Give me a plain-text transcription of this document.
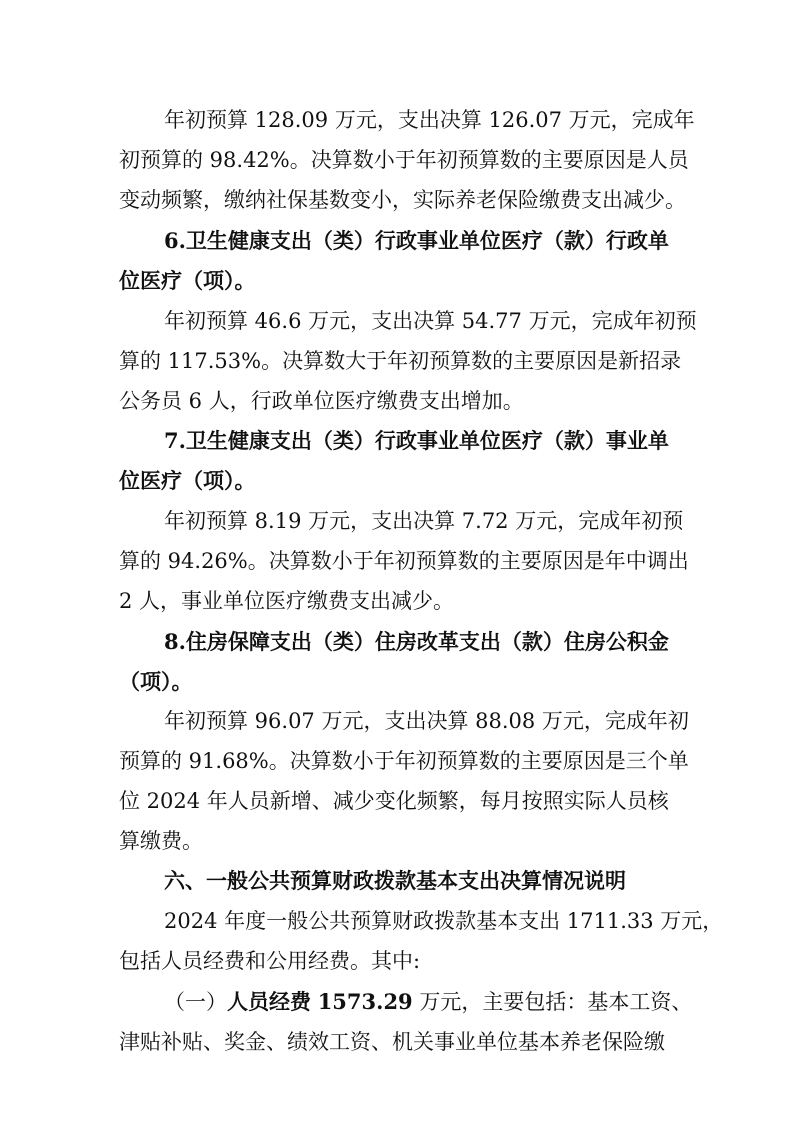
年初预算 128.09 万元，支出决算 126.07 万元，完成年
初预算的 98.42%。决算数小于年初预算数的主要原因是人员
变动频繁，缴纳社保基数变小，实际养老保险缴费支出减少。
6.卫生健康支出（类）行政事业单位医疗（款）行政单
位医疗（项）。
年初预算 46.6 万元，支出决算 54.77 万元，完成年初预
算的 117.53%。决算数大于年初预算数的主要原因是新招录
公务员 6 人，行政单位医疗缴费支出增加。
7.卫生健康支出（类）行政事业单位医疗（款）事业单
位医疗（项）。
年初预算 8.19 万元，支出决算 7.72 万元，完成年初预
算的 94.26%。决算数小于年初预算数的主要原因是年中调出
2 人，事业单位医疗缴费支出减少。
8.住房保障支出（类）住房改革支出（款）住房公积金
（项）。
年初预算 96.07 万元，支出决算 88.08 万元，完成年初
预算的 91.68%。决算数小于年初预算数的主要原因是三个单
位 2024 年人员新增、减少变化频繁，每月按照实际人员核
算缴费。
六、一般公共预算财政拨款基本支出决算情况说明
2024 年度一般公共预算财政拨款基本支出 1711.33 万元，
包括人员经费和公用经费。其中:
（一）人员经费 1573.29 万元，主要包括：基本工资、
津贴补贴、奖金、绩效工资、机关事业单位基本养老保险缴
